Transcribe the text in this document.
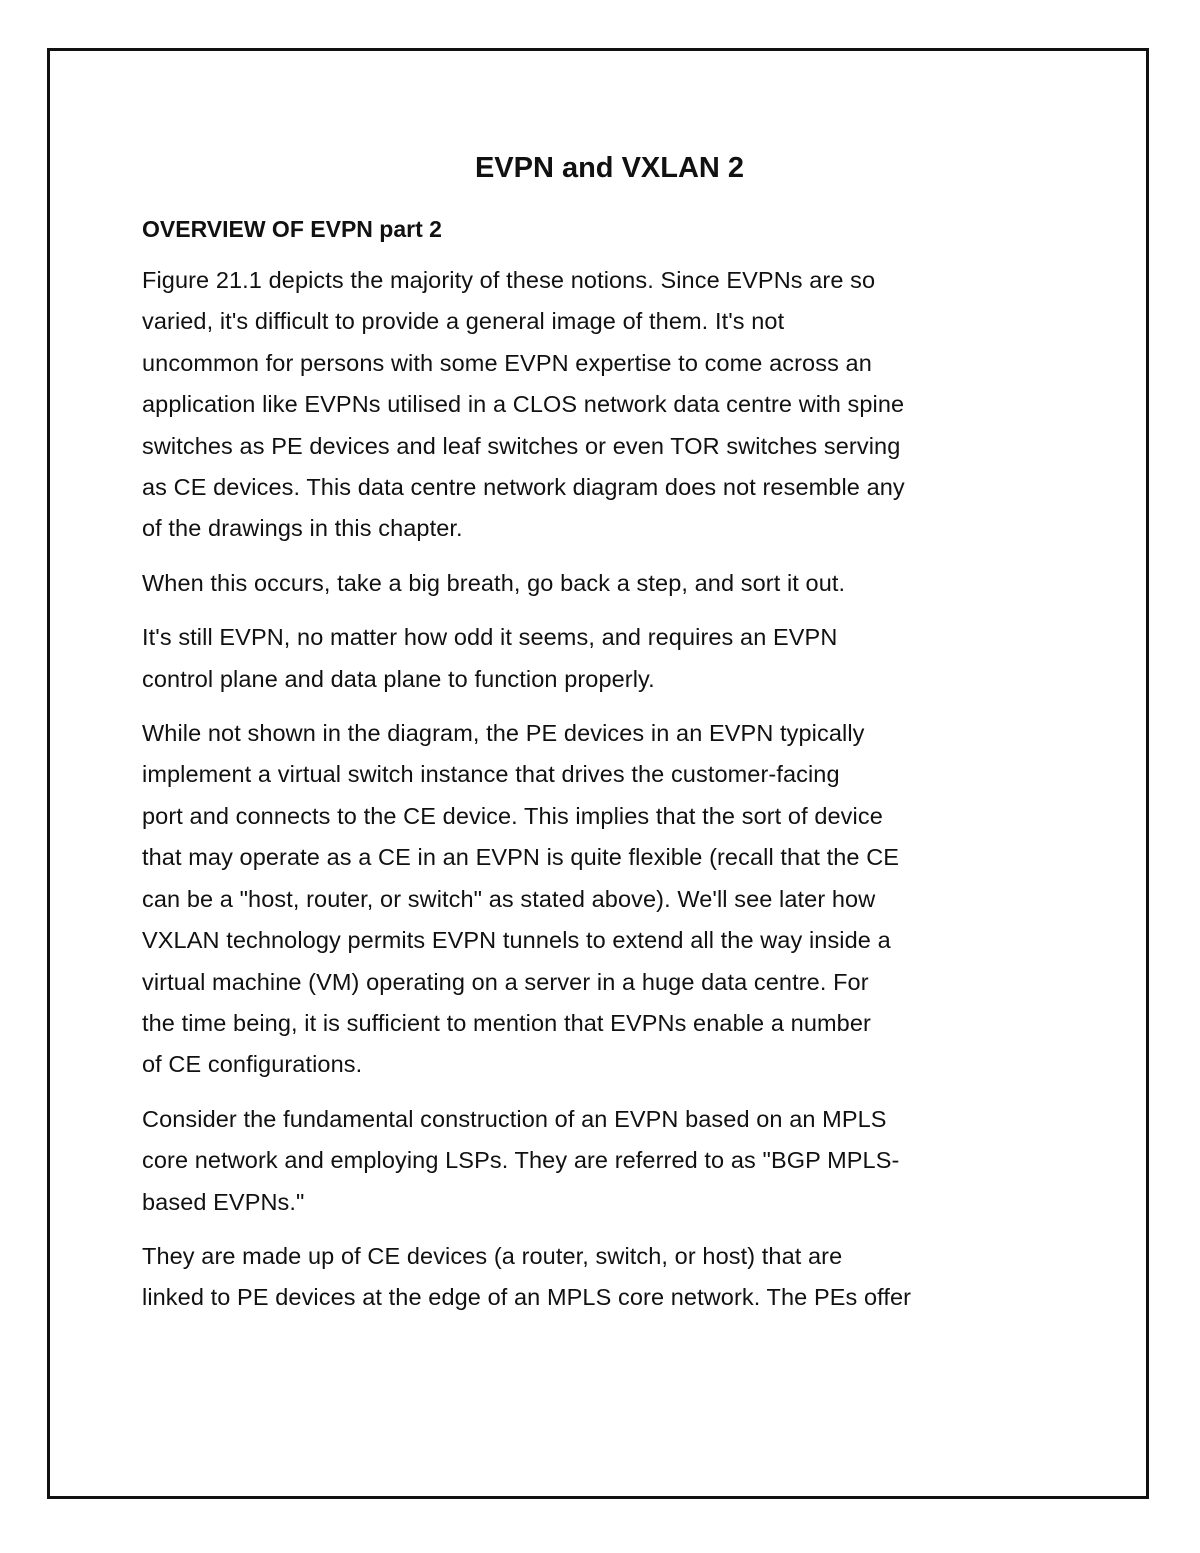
EVPN and VXLAN 2
OVERVIEW OF EVPN part 2

Figure 21.1 depicts the majority of these notions. Since EVPNs are so
varied, it's difficult to provide a general image of them. It's not
uncommon for persons with some EVPN expertise to come across an
application like EVPNs utilised in a CLOS network data centre with spine
switches as PE devices and leaf switches or even TOR switches serving
as CE devices. This data centre network diagram does not resemble any
of the drawings in this chapter.

When this occurs, take a big breath, go back a step, and sort it out.

It's still EVPN, no matter how odd it seems, and requires an EVPN
control plane and data plane to function properly.

While not shown in the diagram, the PE devices in an EVPN typically
implement a virtual switch instance that drives the customer-facing
port and connects to the CE device. This implies that the sort of device
that may operate as a CE in an EVPN is quite flexible (recall that the CE
can be a "host, router, or switch" as stated above). We'll see later how
VXLAN technology permits EVPN tunnels to extend all the way inside a
virtual machine (VM) operating on a server in a huge data centre. For
the time being, it is sufficient to mention that EVPNs enable a number
of CE configurations.

Consider the fundamental construction of an EVPN based on an MPLS
core network and employing LSPs. They are referred to as "BGP MPLS-
based EVPNs."

They are made up of CE devices (a router, switch, or host) that are
linked to PE devices at the edge of an MPLS core network. The PEs offer
